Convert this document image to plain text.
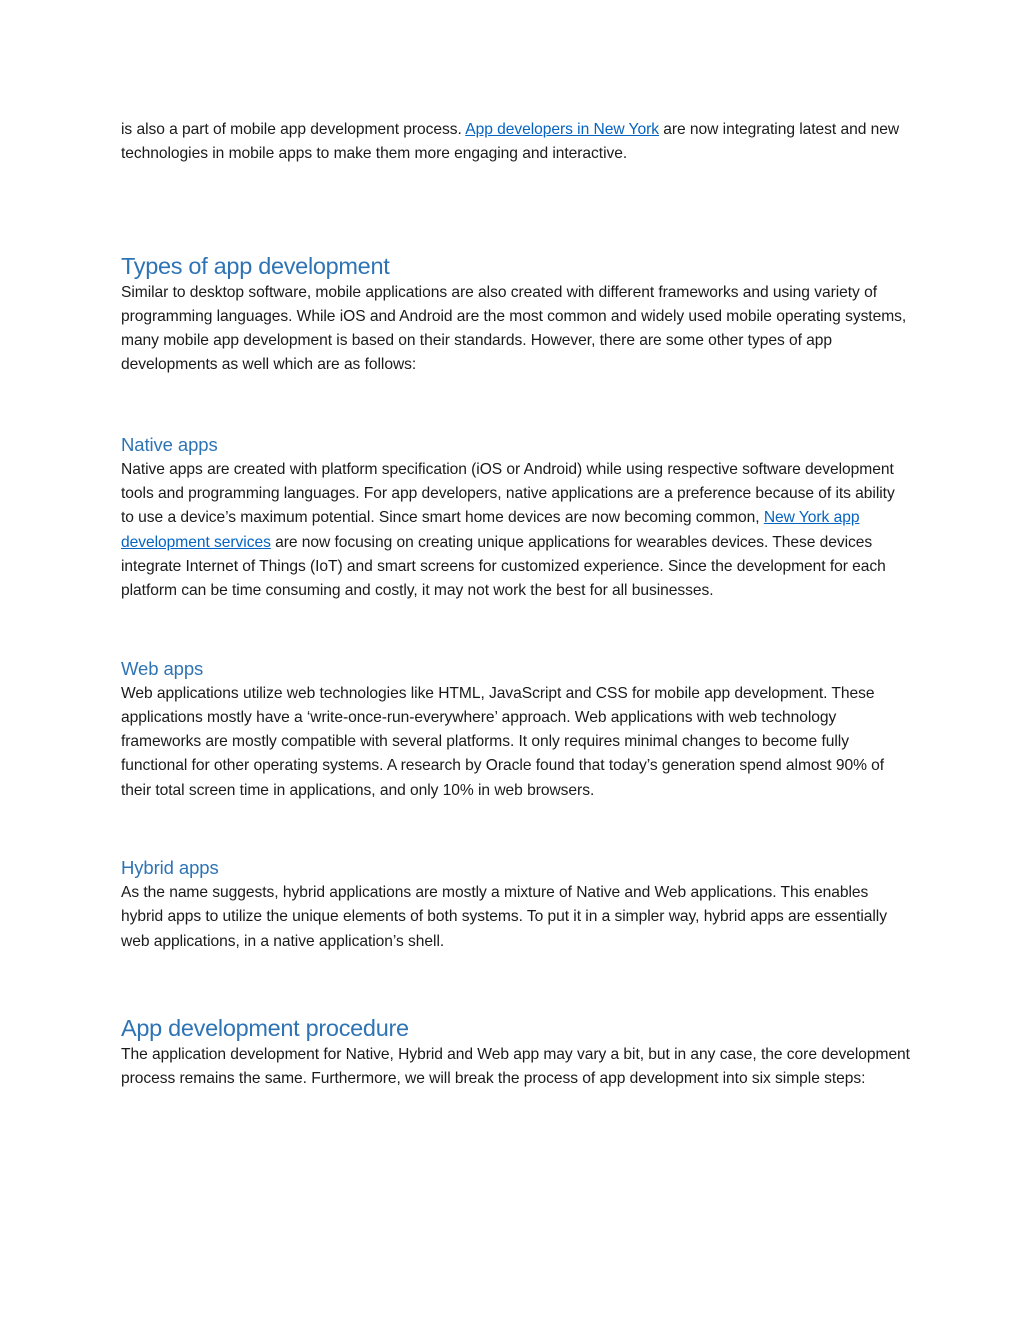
is also a part of mobile app development process. App developers in New York are now integrating latest and new technologies in mobile apps to make them more engaging and interactive.

Types of app development

Similar to desktop software, mobile applications are also created with different frameworks and using variety of programming languages. While iOS and Android are the most common and widely used mobile operating systems, many mobile app development is based on their standards. However, there are some other types of app developments as well which are as follows:

Native apps

Native apps are created with platform specification (iOS or Android) while using respective software development tools and programming languages. For app developers, native applications are a preference because of its ability to use a device’s maximum potential. Since smart home devices are now becoming common, New York app development services are now focusing on creating unique applications for wearables devices. These devices integrate Internet of Things (IoT) and smart screens for customized experience. Since the development for each platform can be time consuming and costly, it may not work the best for all businesses.

Web apps

Web applications utilize web technologies like HTML, JavaScript and CSS for mobile app development. These applications mostly have a ‘write-once-run-everywhere’ approach. Web applications with web technology frameworks are mostly compatible with several platforms. It only requires minimal changes to become fully functional for other operating systems. A research by Oracle found that today’s generation spend almost 90% of their total screen time in applications, and only 10% in web browsers.

Hybrid apps

As the name suggests, hybrid applications are mostly a mixture of Native and Web applications. This enables hybrid apps to utilize the unique elements of both systems. To put it in a simpler way, hybrid apps are essentially web applications, in a native application’s shell.

App development procedure

The application development for Native, Hybrid and Web app may vary a bit, but in any case, the core development process remains the same. Furthermore, we will break the process of app development into six simple steps:
